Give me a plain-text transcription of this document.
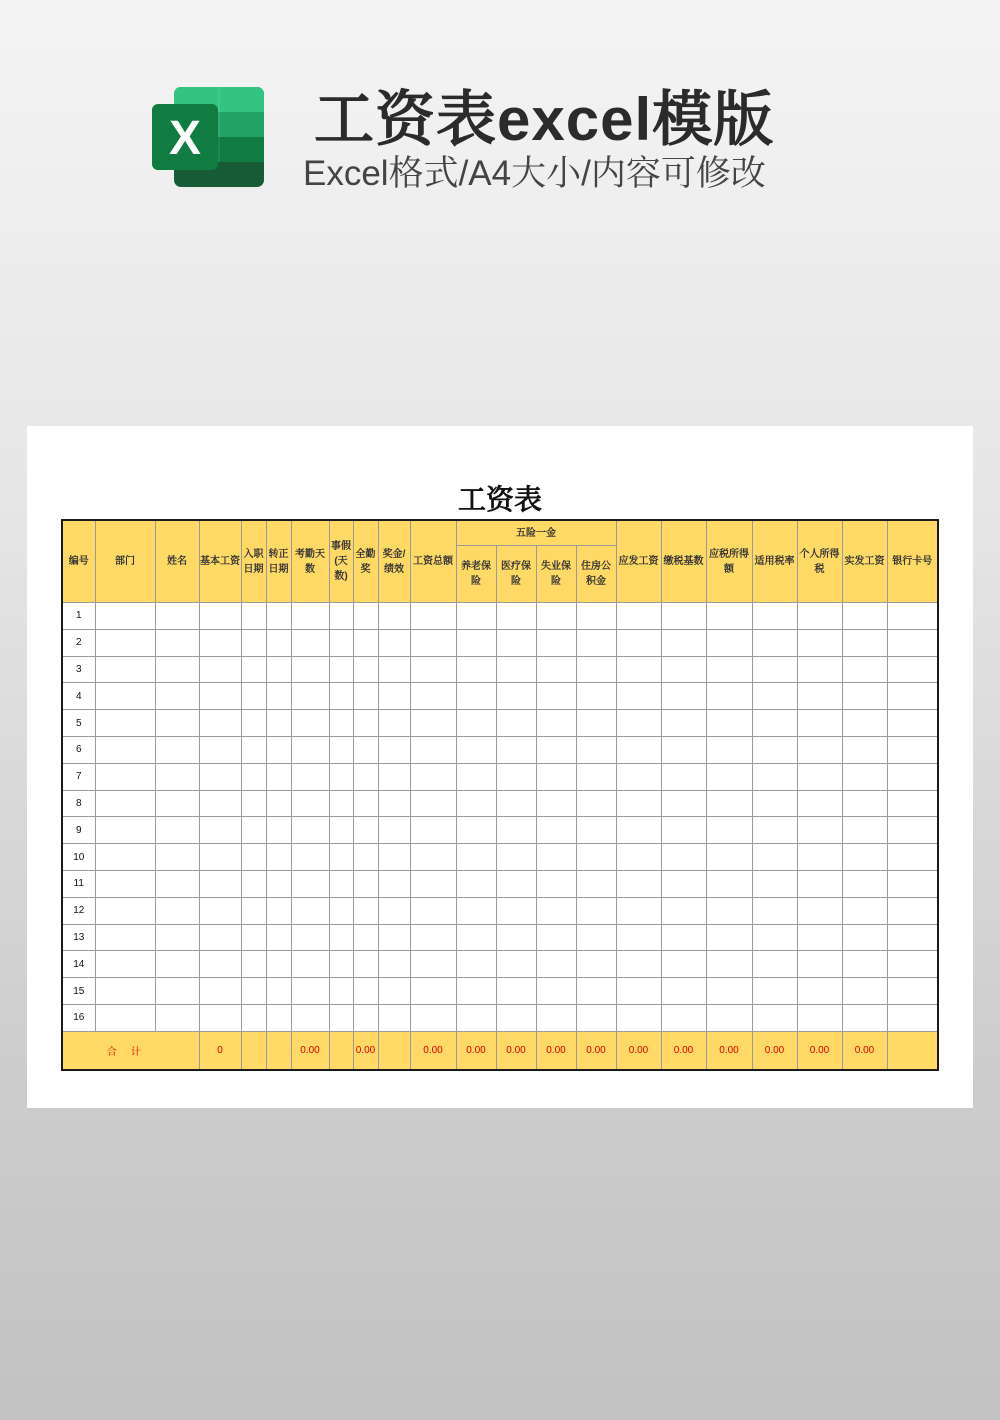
X 工资表excel模版
Excel格式/A4大小/内容可修改
工资表
编号	部门	姓名	基本工资	入职日期	转正日期	考勤天数	事假(天数)	全勤奖	奖金/绩效	工资总额	五险一金				应发工资	缴税基数	应税所得额	适用税率	个人所得税	实发工资	银行卡号
											养老保险	医疗保险	失业保险	住房公积金							
1																					
2																					
3																					
4																					
5																					
6																					
7																					
8																					
9																					
10																					
11																					
12																					
13																					
14																					
15																					
16																					
合计			0			0.00		0.00		0.00	0.00	0.00	0.00	0.00	0.00	0.00	0.00	0.00	0.00	0.00	
